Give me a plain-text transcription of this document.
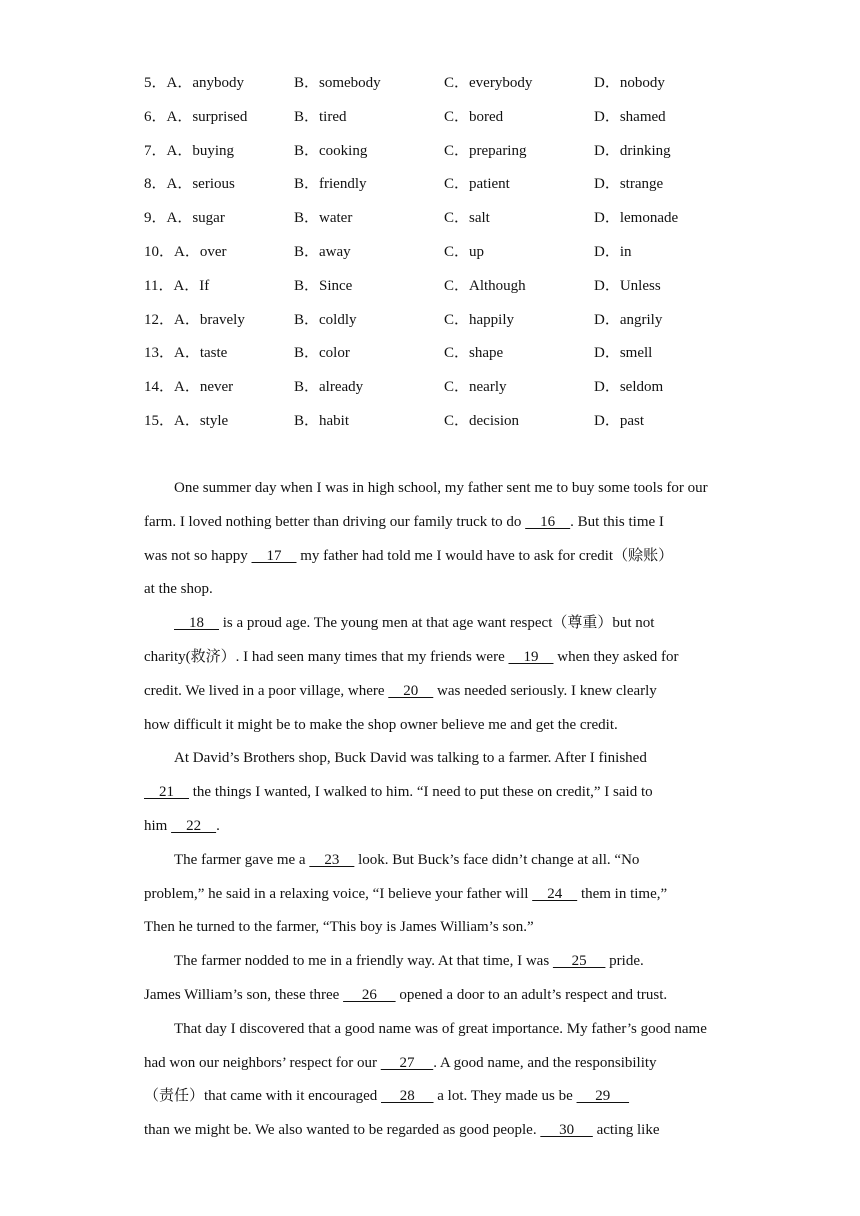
5．A．anybody	B．somebody	C．everybody	D．nobody
6．A．surprised	B．tired	C．bored	D．shamed
7．A．buying	B．cooking	C．preparing	D．drinking
8．A．serious	B．friendly	C．patient	D．strange
9．A．sugar	B．water	C．salt	D．lemonade
10．A．over	B．away	C．up	D．in
11．A．If	B．Since	C．Although	D．Unless
12．A．bravely	B．coldly	C．happily	D．angrily
13．A．taste	B．color	C．shape	D．smell
14．A．never	B．already	C．nearly	D．seldom
15．A．style	B．habit	C．decision	D．past
One summer day when I was in high school, my father sent me to buy some tools for our
farm. I loved nothing better than driving our family truck to do     16    . But this time I
was not so happy     17     my father had told me I would have to ask for credit（赊账）
at the shop.
18     is a proud age. The young men at that age want respect（尊重）but not
charity(救济）. I had seen many times that my friends were     19     when they asked for
credit. We lived in a poor village, where     20     was needed seriously. I knew clearly
how difficult it might be to make the shop owner believe me and get the credit.
At David’s Brothers shop, Buck David was talking to a farmer. After I finished
21     the things I wanted, I walked to him. “I need to put these on credit,” I said to
him     22    .
The farmer gave me a     23     look. But Buck’s face didn’t change at all. “No
problem,” he said in a relaxing voice, “I believe your father will     24     them in time,”
Then he turned to the farmer, “This boy is James William’s son.”
The farmer nodded to me in a friendly way. At that time, I was      25      pride.
James William’s son, these three      26      opened a door to an adult’s respect and trust.
That day I discovered that a good name was of great importance. My father’s good name
had won our neighbors’ respect for our      27     . A good name, and the responsibility
（责任）that came with it encouraged      28      a lot. They made us be      29
than we might be. We also wanted to be regarded as good people.      30      acting like
